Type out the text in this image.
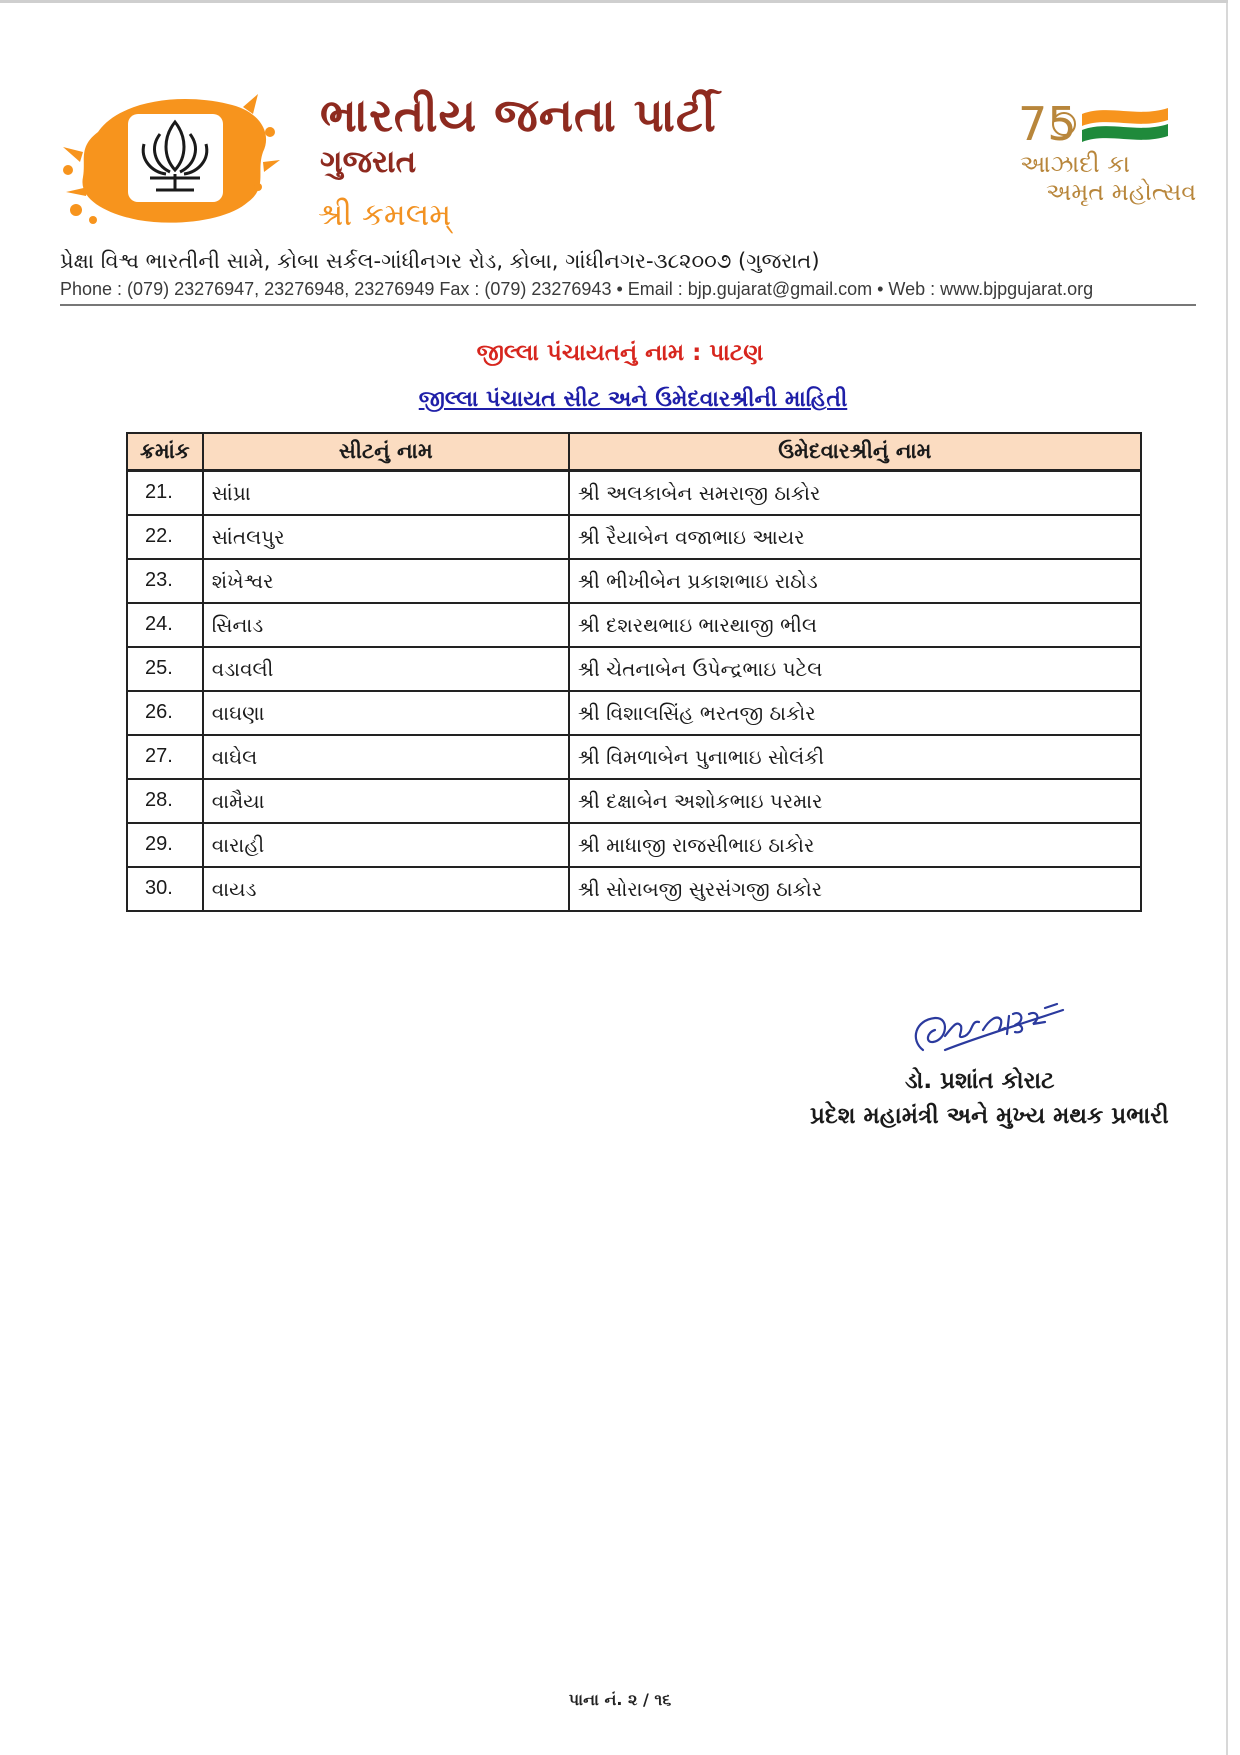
ભારતીય જનતા પાર્ટી
ગુજરાત
શ્રી કમલમ્
75
આઝાદી કા
અમૃત મહોત્સવ
પ્રેક્ષા વિશ્વ ભારતીની સામે, કોબા સર્કલ-ગાંધીનગર રોડ, કોબા, ગાંધીનગર-૩૮૨૦૦૭ (ગુજરાત)
Phone : (079) 23276947, 23276948, 23276949 Fax : (079) 23276943 • Email : bjp.gujarat@gmail.com • Web : www.bjpgujarat.org
જીલ્લા પંચાયતનું નામ : પાટણ
જીલ્લા પંચાયત સીટ અને ઉમેદવારશ્રીની માહિતી
ક્રમાંક	સીટનું નામ	ઉમેદવારશ્રીનું નામ
21.	સાંપ્રા	શ્રી અલકાબેન સમરાજી ઠાકોર
22.	સાંતલપુર	શ્રી રૈયાબેન વજાભાઇ આયર
23.	શંખેશ્વર	શ્રી ભીખીબેન પ્રકાશભાઇ રાઠોડ
24.	સિનાડ	શ્રી દશરથભાઇ ભારથાજી ભીલ
25.	વડાવલી	શ્રી ચેતનાબેન ઉપેન્દ્રભાઇ પટેલ
26.	વાઘણા	શ્રી વિશાલસિંહ ભરતજી ઠાકોર
27.	વાઘેલ	શ્રી વિમળાબેન પુનાભાઇ સોલંકી
28.	વામૈયા	શ્રી દક્ષાબેન અશોકભાઇ પરમાર
29.	વારાહી	શ્રી માધાજી રાજસીભાઇ ઠાકોર
30.	વાયડ	શ્રી સોરાબજી સુરસંગજી ઠાકોર
ડો. પ્રશાંત કોરાટ
પ્રદેશ મહામંત્રી અને મુખ્ય મથક પ્રભારી
પાના નં. ૨ / ૧૬
